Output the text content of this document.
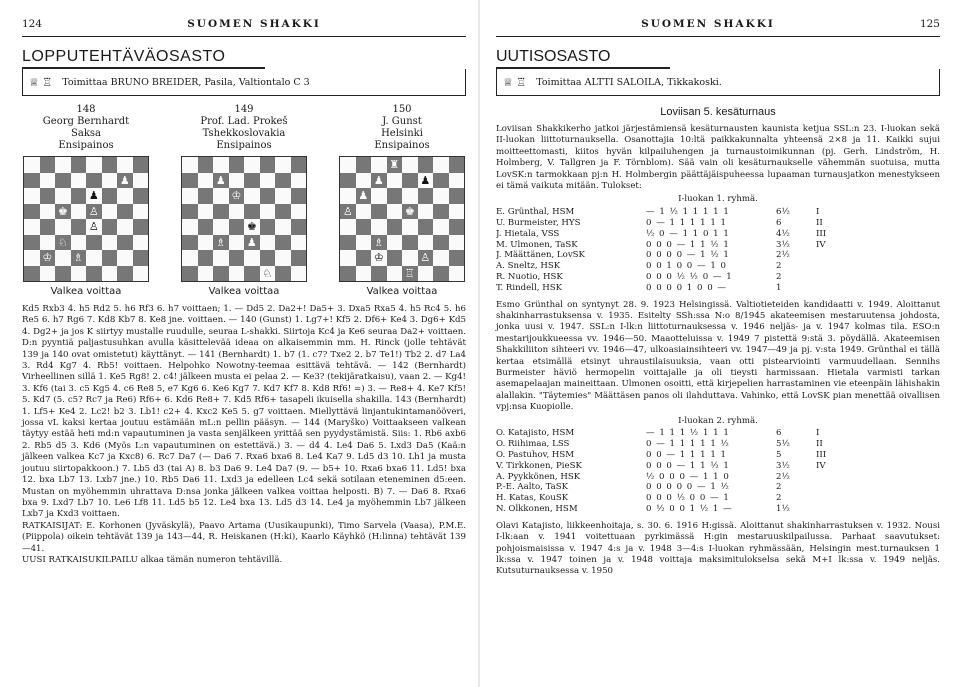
124	SUOMEN SHAKKI
LOPPUTEHTÄVÄOSASTO
♕ ♖ Toimittaa BRUNO BREIDER, Pasila, Valtiontalo C 3
148
Georg Bernhardt
Saksa
Ensipainos
♟
♟
♚ ♙
♙
♘
♔ ♗
Valkea voittaa
149
Prof. Lad. Prokeš
Tshekkoslovakia
Ensipainos
♟
♔
♚
♗ ♟
♘
Valkea voittaa
150
J. Gunst
Helsinki
Ensipainos
♜
♟	♟
♟
♙	♚
♗
♔	♙
♖
Valkea voittaa

Kd5 Rxb3 4. h5 Rd2 5. h6 Rf3 6. h7 voittaen; 1. — Dd5 2. Da2+! Da5+ 3. Dxa5 Rxa5 4. h5 Rc4 5. h6 Re5 6. h7 Rg6 7. Kd8 Kb7 8. Ke8 jne. voittaen. — 140 (Gunst) 1. Lg7+! Kf5 2. Df6+ Ke4 3. Dg6+ Kd5 4. Dg2+ ja jos K siirtyy mustalle ruudulle, seuraa L-shakki. Siirtoja Kc4 ja Ke6 seuraa Da2+ voittaen. D:n pyyntiä paljastusuhkan avulla käsittelevää ideaa on alkaisemmin mm. H. Rinck (jolle tehtävät 139 ja 140 ovat omistetut) käyttänyt. — 141 (Bernhardt) 1. b7 (1. c7? Txe2 2. b7 Te1!) Tb2 2. d7 La4 3. Rd4 Kg7 4. Rb5! voittaen. Helpohko Nowotny-teemaa esittävä tehtävä. — 142 (Bernhardt) Virheellinen sillä 1. Ke5 Rg8! 2. c4! jälkeen musta ei pelaa 2. — Ke3? (tekijäratkaisu), vaan 2. — Kg4! 3. Kf6 (tai 3. c5 Kg5 4. c6 Re8 5, e7 Kg6 6. Ke6 Kg7 7. Kd7 Kf7 8. Kd8 Rf6! =) 3. — Re8+ 4. Ke7 Kf5! 5. Kd7 (5. c5? Rc7 ja Re6) Rf6+ 6. Kd6 Re8+ 7. Kd5 Rf6+ tasapeli ikuisella shakilla. 143 (Bernhardt) 1. Lf5+ Ke4 2. Lc2! b2 3. Lb1! c2+ 4. Kxc2 Ke5 5. g7 voittaen. Miellyttävä linjantukintamanööveri, jossa vL kaksi kertaa joutuu estämään mL:n pellin pääsyn. — 144 (Maryško) Voittaakseen valkean täytyy estää heti md:n vapautuminen ja vasta senjälkeen yrittää sen pyydystämistä. Siis: 1. Rb6 axb6 2. Rb5 d5 3. Kd6 (Myös L:n vapautuminen on estettävä.) 3. — d4 4. Le4 Da6 5. Lxd3 Da5 (Kaä:n jälkeen valkea Kc7 ja Kxc8) 6. Rc7 Da7 (— Da6 7. Rxa6 bxa6 8. Le4 Ka7 9. Ld5 d3 10. Lh1 ja musta joutuu siirtopakkoon.) 7. Lb5 d3 (tai A) 8. b3 Da6 9. Le4 Da7 (9. — b5+ 10. Rxa6 bxa6 11. Ld5! bxa 12. bxa Lb7 13. Lxb7 jne.) 10. Rb5 Da6 11. Lxd3 ja edelleen Lc4 sekä sotilaan eteneminen d5:een. Mustan on myöhemmin uhrattava D:nsa jonka jälkeen valkea voittaa helposti. B) 7. — Da6 8. Rxa6 bxa 9. Lxd7 Lb7 10. Le6 Lf8 11. Ld5 b5 12. Le4 bxa 13. Ld5 d3 14. Le4 ja myöhemmin Lb7 jälkeen Lxb7 ja Kxd3 voittaen.

RATKAISIJAT: E. Korhonen (Jyväskylä), Paavo Artama (Uusikaupunki), Timo Sarvela (Vaasa), P.M.E. (Piippola) oikein tehtävät 139 ja 143—44, R. Heiskanen (H:ki), Kaarlo Käyhkö (H:linna) tehtävät 139—41.

UUSI RATKAISUKILPAILU alkaa tämän numeron tehtävillä.

SUOMEN SHAKKI	125
UUTISOSASTO
♕ ♖ Toimittaa ALTTI SALOILA, Tikkakoski.
Loviisan 5. kesäturnaus

Loviisan Shakkikerho jatkoi järjestämiensä kesäturnausten kaunista ketjua SSL:n 23. I-luokan sekä II-luokan liittoturnauksella. Osanottajia 10:ltä paikkakunnalta yhteensä 2×8 ja 11. Kaikki sujui moitteettomasti, kiitos hyvän kilpailuhengen ja turnaustoimikunnan (pj. Gerh. Lindström, H. Holmberg, V. Tallgren ja F. Törnblom). Sää vain oli kesäturnaukselle vähemmän suotuisa, mutta LovSK:n tarmokkaan pj:n H. Holmbergin päättäjäispuheessa lupaaman turnausjatkon menestykseen ei tämä vaikuta mitään. Tulokset:

I-luokan 1. ryhmä.
E. Grünthal, HSM	— 1 ½ 1 1 1 1 1	6½	I
U. Burmeister, HYS	0 — 1 1 1 1 1 1	6	II
J. Hietala, VSS	½ 0 — 1 1 0 1 1	4½	III
M. Ulmonen, TaSK	0 0 0 — 1 1 ½ 1	3½	IV
J. Määttänen, LovSK	0 0 0 0 — 1 ½ 1	2½
A. Sneltz, HSK	0 0 1 0 0 — 1 0	2
R. Nuotio, HSK	0 0 0 ½ ½ 0 — 1	2
T. Rindell, HSK	0 0 0 0 1 0 0 —	1

Esmo Grünthal on syntynyt 28. 9. 1923 Helsingissä. Valtiotieteiden kandidaatti v. 1949. Aloittanut shakinharrastuksensa v. 1935. Esitelty SSh:ssa N:o 8/1945 akateemisen mestaruutensa johdosta, jonka uusi v. 1947. SSL:n I-lk:n liittoturnauksessa v. 1946 neljäs- ja v. 1947 kolmas tila. ESO:n mestarijoukkueessa vv. 1946—50. Maaotteluissa v. 1949 7 pistettä 9:stä 3. pöydällä. Akateemisen Shakkiliiton sihteeri vv. 1946—47, ulkoasiainsihteeri vv. 1947—49 ja pj. v:sta 1949. Grünthal ei tällä kertaa etsimällä etsinyt uhraustilaisuuksia, vaan otti pistearviointi varmuudellaan. Sennihs Burmeister häviö hermopelin voittajalle ja oli tieysti harmissaan. Hietala varmisti tarkan asemapelaajan maineittaan. Ulmonen osoitti, että kirjepelien harrastaminen vie eteenpäin lähishakin alallakin. "Täytemies" Määttäsen panos oli ilahduttava. Vahinko, että LovSK pian menettää oivallisen vpj:nsa Kuopiolle.

I-luokan 2. ryhmä.
O. Katajisto, HSM	— 1 1 1 ½ 1 1 1	6	I
O. Riihimaa, LSS	0 — 1 1 1 1 1 ½	5½	II
O. Pastuhov, HSM	0 0 — 1 1 1 1 1	5	III
V. Tirkkonen, PieSK	0 0 0 — 1 1 ½ 1	3½	IV
A. Pyykkönen, HSK	½ 0 0 0 — 1 1 0	2½
P.-E. Aalto, TaSK	0 0 0 0 0 — 1 ½	2
H. Katas, KouSK	0 0 0 ½ 0 0 — 1	2
N. Olkkonen, HSM	0 ½ 0 0 1 ½ 1 —	1½

Olavi Katajisto, liikkeenhoitaja, s. 30. 6. 1916 H:gissä. Aloittanut shakinharrastuksen v. 1932. Nousi I-lk:aan v. 1941 voitettuaan pyrkimässä H:gin mestaruuskilpailussa. Parhaat saavutukset: pohjoismaisissa v. 1947 4:s ja v. 1948 3—4:s I-luokan ryhmässään, Helsingin mest.turnauksen 1 lk:ssa v. 1947 toinen ja v. 1948 voittaja maksimitulokselsa sekä M+I lk:ssa v. 1949 neljäs. Kutsuturnauksessa v. 1950
